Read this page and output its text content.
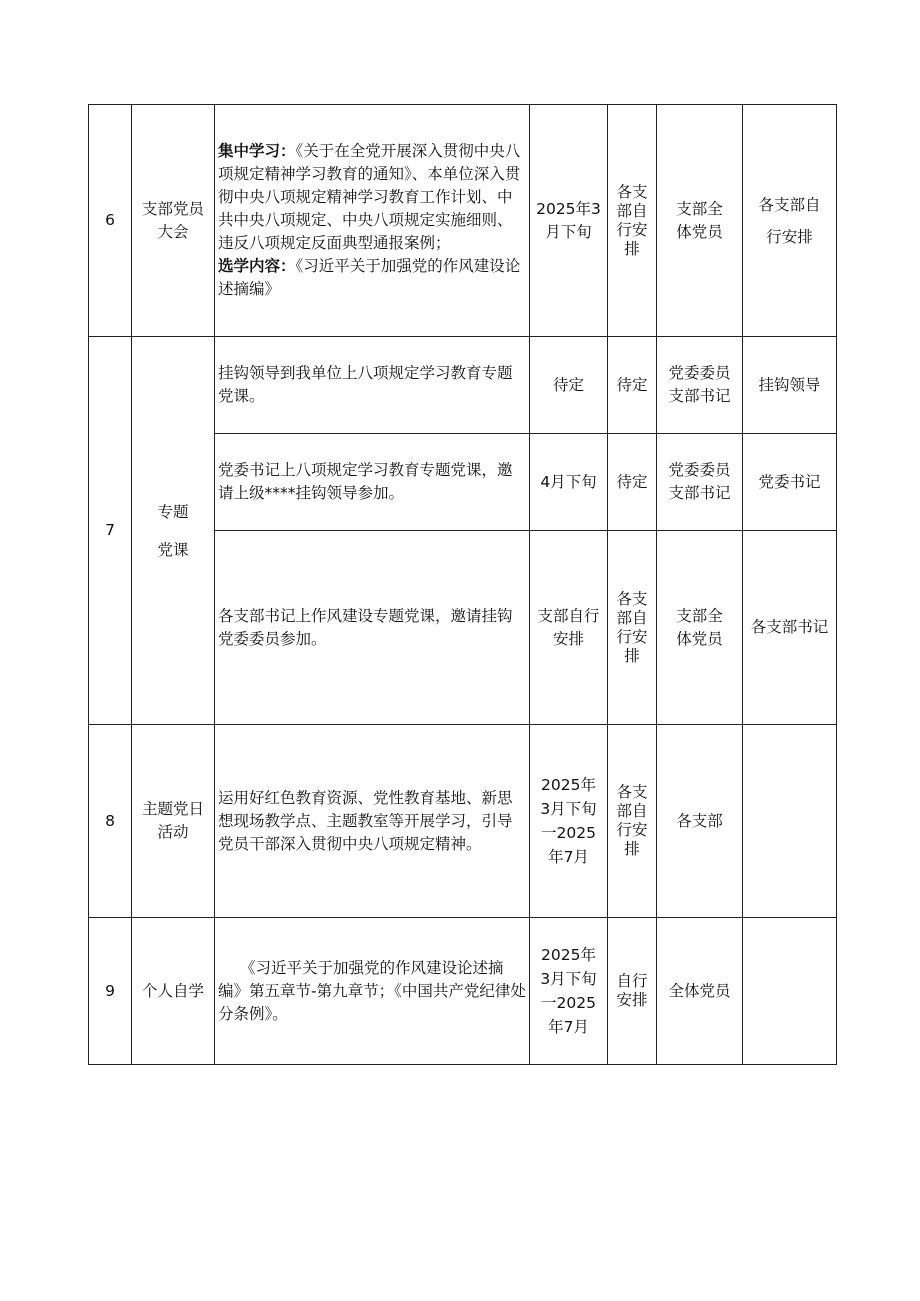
6	支部党员大会	集中学习：《关于在全党开展深入贯彻中央八项规定精神学习教育的通知》、本单位深入贯彻中央八项规定精神学习教育工作计划、中共中央八项规定、中央八项规定实施细则、违反八项规定反面典型通报案例；
选学内容：《习近平关于加强党的作风建设论述摘编》	2025年3月下旬	各支部自行安排	支部全体党员	各支部自行安排
7	专题党课	挂钩领导到我单位上八项规定学习教育专题党课。	待定	待定	党委委员支部书记	挂钩领导
		党委书记上八项规定学习教育专题党课，邀请上级****挂钩领导参加。	4月下旬	待定	党委委员支部书记	党委书记
		各支部书记上作风建设专题党课，邀请挂钩党委委员参加。	支部自行安排	各支部自行安排	支部全体党员	各支部书记
8	主题党日活动	运用好红色教育资源、党性教育基地、新思想现场教学点、主题教室等开展学习，引导党员干部深入贯彻中央八项规定精神。	2025年3月下旬一2025年7月	各支部自行安排	各支部	
9	个人自学	《习近平关于加强党的作风建设论述摘编》第五章节-第九章节；《中国共产党纪律处分条例》。	2025年3月下旬一2025年7月	自行安排	全体党员	
